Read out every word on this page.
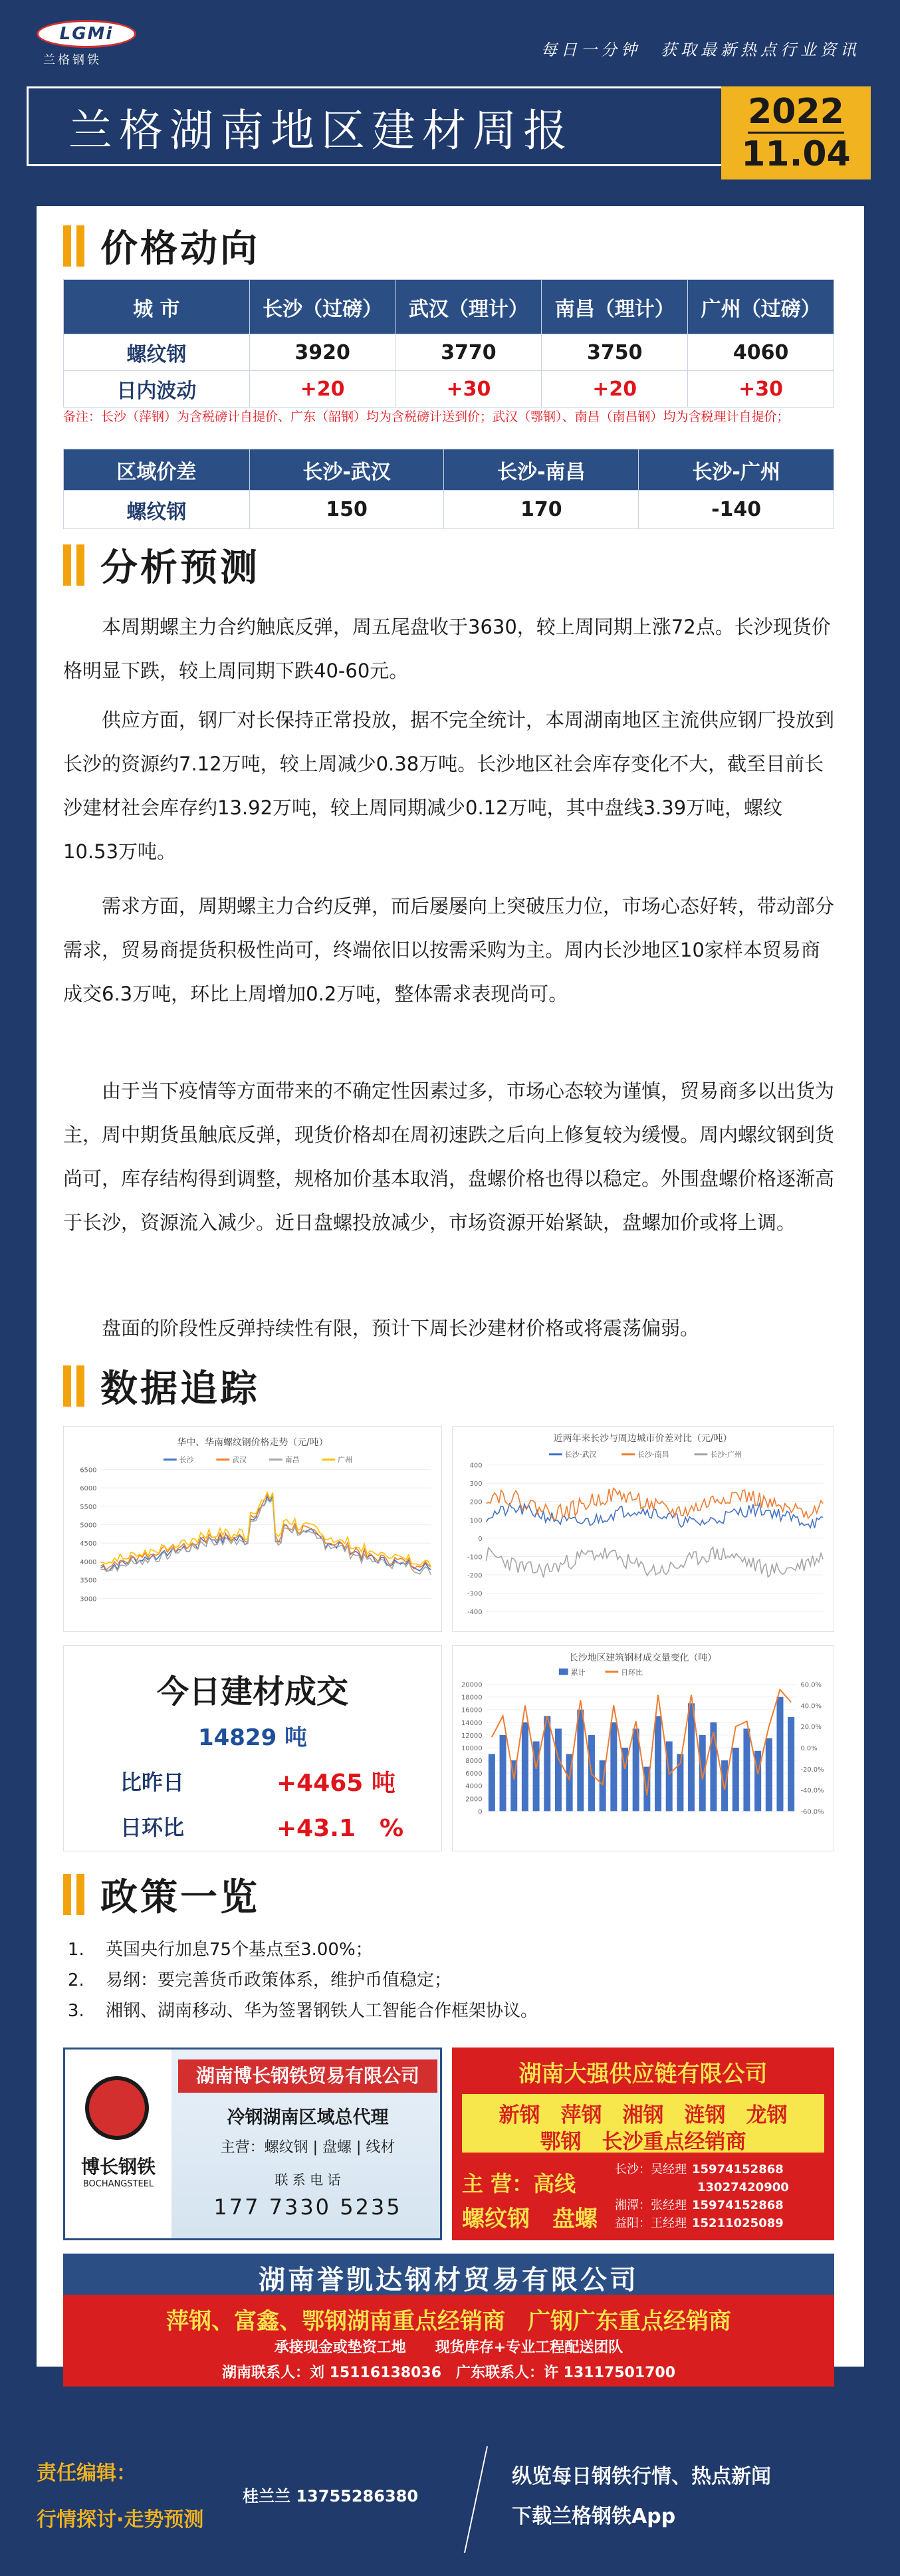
LGMi
兰格钢铁
每日一分钟　获取最新热点行业资讯
兰格湖南地区建材周报	2022
11.04
价格动向
城 市	长沙（过磅）	武汉（理计）	南昌（理计）	广州（过磅）
螺纹钢	3920	3770	3750	4060
日内波动	+20	+30	+20	+30
备注：长沙（萍钢）为含税磅计自提价、广东（韶钢）均为含税磅计送到价；武汉（鄂钢）、南昌（南昌钢）均为含税理计自提价；
区域价差	长沙-武汉	长沙-南昌	长沙-广州
螺纹钢	150	170	-140
分析预测
本周期螺主力合约触底反弹，周五尾盘收于3630，较上周同期上涨72点。长沙现货价格明显下跌，较上周同期下跌40-60元。
供应方面，钢厂对长保持正常投放，据不完全统计，本周湖南地区主流供应钢厂投放到长沙的资源约7.12万吨，较上周减少0.38万吨。长沙地区社会库存变化不大，截至目前长沙建材社会库存约13.92万吨，较上周同期减少0.12万吨，其中盘线3.39万吨，螺纹10.53万吨。
需求方面，周期螺主力合约反弹，而后屡屡向上突破压力位，市场心态好转，带动部分需求，贸易商提货积极性尚可，终端依旧以按需采购为主。周内长沙地区10家样本贸易商成交6.3万吨，环比上周增加0.2万吨，整体需求表现尚可。
由于当下疫情等方面带来的不确定性因素过多，市场心态较为谨慎，贸易商多以出货为主，周中期货虽触底反弹，现货价格却在周初速跌之后向上修复较为缓慢。周内螺纹钢到货尚可，库存结构得到调整，规格加价基本取消，盘螺价格也得以稳定。外围盘螺价格逐渐高于长沙，资源流入减少。近日盘螺投放减少，市场资源开始紧缺，盘螺加价或将上调。
盘面的阶段性反弹持续性有限，预计下周长沙建材价格或将震荡偏弱。
数据追踪
华中、华南螺纹钢价格走势（元/吨）
长沙	武汉	南昌	广州
6500
6000
5500
5000
4500
4000
3500
3000
近两年来长沙与周边城市价差对比（元/吨）
长沙-武汉	长沙-南昌	长沙-广州
400
300
200
100
0
-100
-200
-300
-400
今日建材成交
14829 吨
比昨日	+4465 吨
日环比	+43.1　%
长沙地区建筑钢材成交量变化（吨）
累计	日环比
20000
18000
16000
14000
12000
10000
8000
6000
4000
2000
0
60.0%
40.0%
20.0%
0.0%
-20.0%
-40.0%
-60.0%
政策一览
1. 英国央行加息75个基点至3.00%；
2. 易纲：要完善货币政策体系，维护币值稳定；
3. 湘钢、湖南移动、华为签署钢铁人工智能合作框架协议。
博长钢铁
BOCHANGSTEEL
湖南博长钢铁贸易有限公司
冷钢湖南区域总代理
主营：螺纹钢 | 盘螺 | 线材
联 系 电 话
177 7330 5235
湖南大强供应链有限公司
新钢　萍钢　湘钢　涟钢　龙钢
鄂钢　长沙重点经销商
主 营：高线
螺纹钢　盘螺
长沙：吴经理 15974152868
13027420900
湘潭：张经理 15974152868
益阳：王经理 15211025089
湖南誉凯达钢材贸易有限公司
萍钢、富鑫、鄂钢湖南重点经销商　广钢广东重点经销商
承接现金或垫资工地　　现货库存+专业工程配送团队
湖南联系人：刘 15116138036　广东联系人：许 13117501700
责任编辑：
桂兰兰 13755286380
行情探讨·走势预测
纵览每日钢铁行情、热点新闻
下载兰格钢铁App
